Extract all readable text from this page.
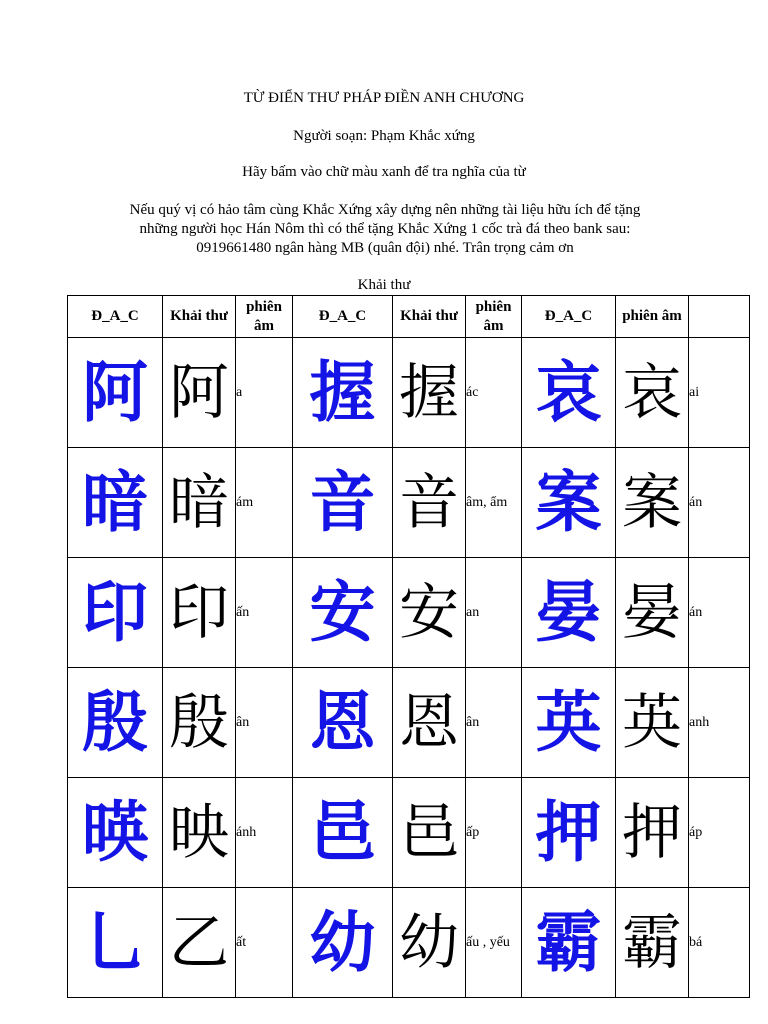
TỪ ĐIỂN THƯ PHÁP ĐIỀN ANH CHƯƠNG
Người soạn: Phạm Khắc xứng
Hãy bấm vào chữ màu xanh để tra nghĩa của từ
Nếu quý vị có hảo tâm cùng Khắc Xứng xây dựng nên những tài liệu hữu ích để tặng
những người học Hán Nôm thì có thể tặng Khắc Xứng 1 cốc trà đá theo bank sau:
0919661480 ngân hàng MB (quân đội) nhé. Trân trọng cảm ơn
Khải thư
Đ_A_C	Khải thư	phiên âm	Đ_A_C	Khải thư	phiên âm	Đ_A_C	phiên âm	
阿	阿	a	握	握	ác	哀	哀	ai
暗	暗	ám	音	音	âm, ẩm	案	案	án
印	印	ấn	安	安	an	晏	晏	án
殷	殷	ân	恩	恩	ân	英	英	anh
暎	映	ánh	邑	邑	ấp	押	押	áp
乚	乙	ất	幼	幼	ấu , yếu	霸	霸	bá
